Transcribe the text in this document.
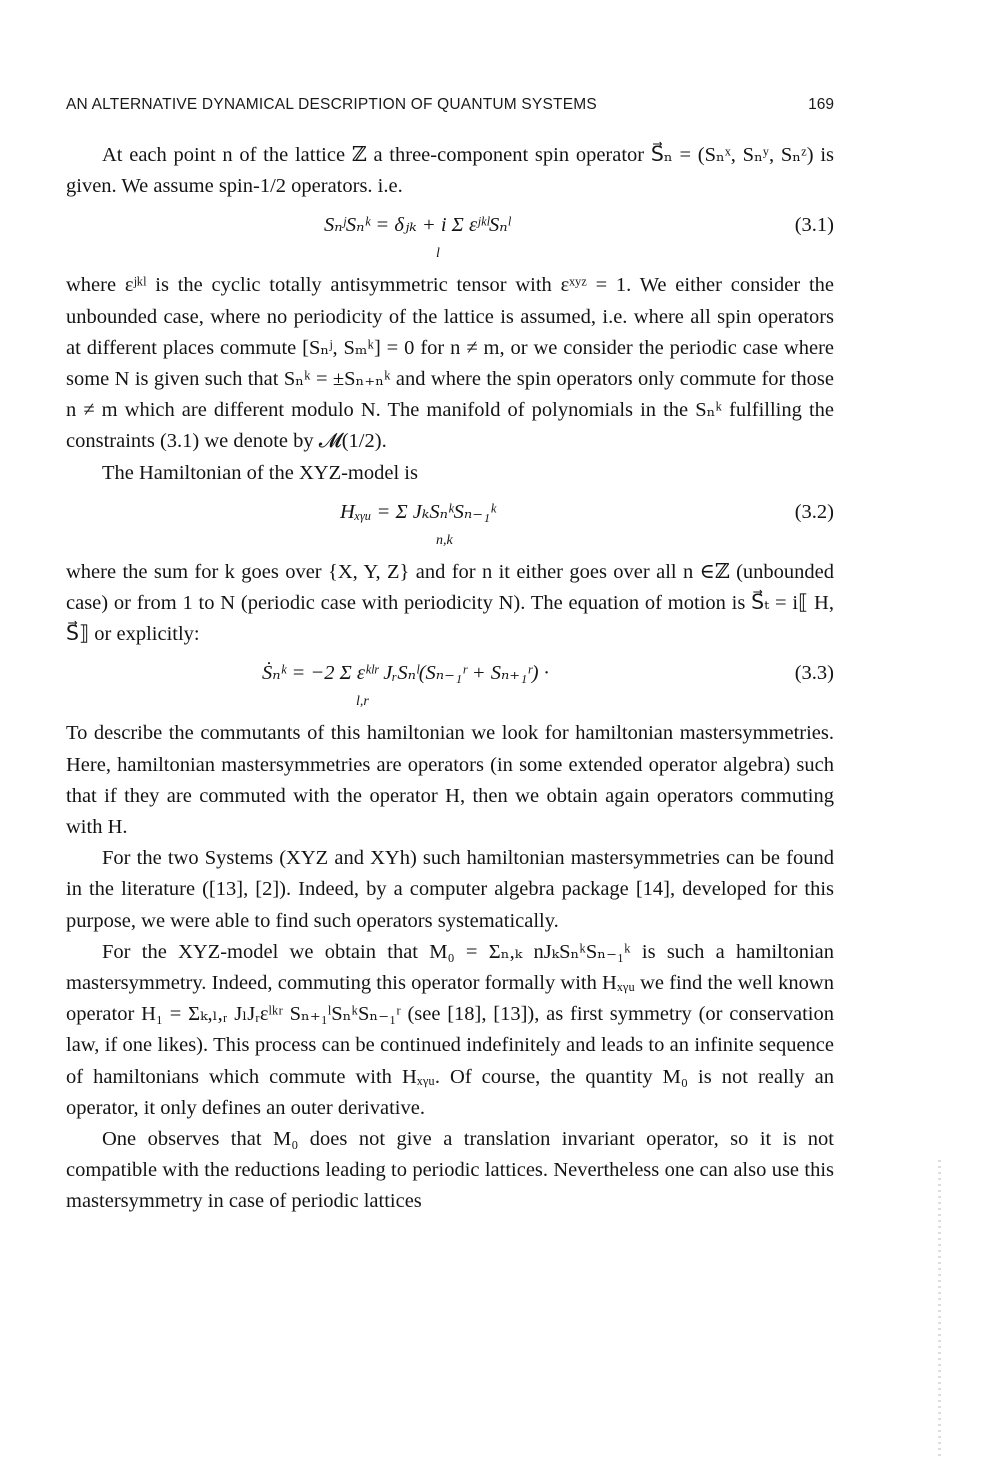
AN ALTERNATIVE DYNAMICAL DESCRIPTION OF QUANTUM SYSTEMS	169

At each point n of the lattice ℤ a three-component spin operator S⃗ₙ = (Sₙˣ, Sₙʸ, Sₙᶻ) is given. We assume spin-1/2 operators. i.e.

SₙʲSₙᵏ = δⱼₖ + i Σ εʲᵏˡSₙˡ
l
(3.1)

where εʲᵏˡ is the cyclic totally antisymmetric tensor with εˣʸᶻ = 1. We either consider the unbounded case, where no periodicity of the lattice is assumed, i.e. where all spin operators at different places commute [Sₙʲ, Sₘᵏ] = 0 for n ≠ m, or we consider the periodic case where some N is given such that Sₙᵏ = ±Sₙ₊ₙᵏ and where the spin operators only commute for those n ≠ m which are different modulo N. The manifold of polynomials in the Sₙᵏ fulfilling the constraints (3.1) we denote by 𝓜(1/2).

The Hamiltonian of the XYZ-model is

Hₓᵧᵤ = Σ JₖSₙᵏSₙ₋₁ᵏ
n,k
(3.2)

where the sum for k goes over {X, Y, Z} and for n it either goes over all n ∈ℤ (unbounded case) or from 1 to N (periodic case with periodicity N). The equation of motion is S⃗ₜ = i⟦ H, S⃗⟧ or explicitly:

Ṡₙᵏ = −2 Σ εᵏˡʳ JᵣSₙˡ(Sₙ₋₁ʳ + Sₙ₊₁ʳ) ·
l,r
(3.3)

To describe the commutants of this hamiltonian we look for hamiltonian mastersymmetries. Here, hamiltonian mastersymmetries are operators (in some extended operator algebra) such that if they are commuted with the operator H, then we obtain again operators commuting with H.

For the two Systems (XYZ and XYh) such hamiltonian mastersymmetries can be found in the literature ([13], [2]). Indeed, by a computer algebra package [14], developed for this purpose, we were able to find such operators systematically.

For the XYZ-model we obtain that M₀ = Σₙ,ₖ nJₖSₙᵏSₙ₋₁ᵏ is such a hamiltonian mastersymmetry. Indeed, commuting this operator formally with Hₓᵧᵤ we find the well known operator H₁ = Σₖ,ₗ,ᵣ JₗJᵣεˡᵏʳ Sₙ₊₁ˡSₙᵏSₙ₋₁ʳ (see [18], [13]), as first symmetry (or conservation law, if one likes). This process can be continued indefinitely and leads to an infinite sequence of hamiltonians which commute with Hₓᵧᵤ. Of course, the quantity M₀ is not really an operator, it only defines an outer derivative.

One observes that M₀ does not give a translation invariant operator, so it is not compatible with the reductions leading to periodic lattices. Nevertheless one can also use this mastersymmetry in case of periodic lattices
